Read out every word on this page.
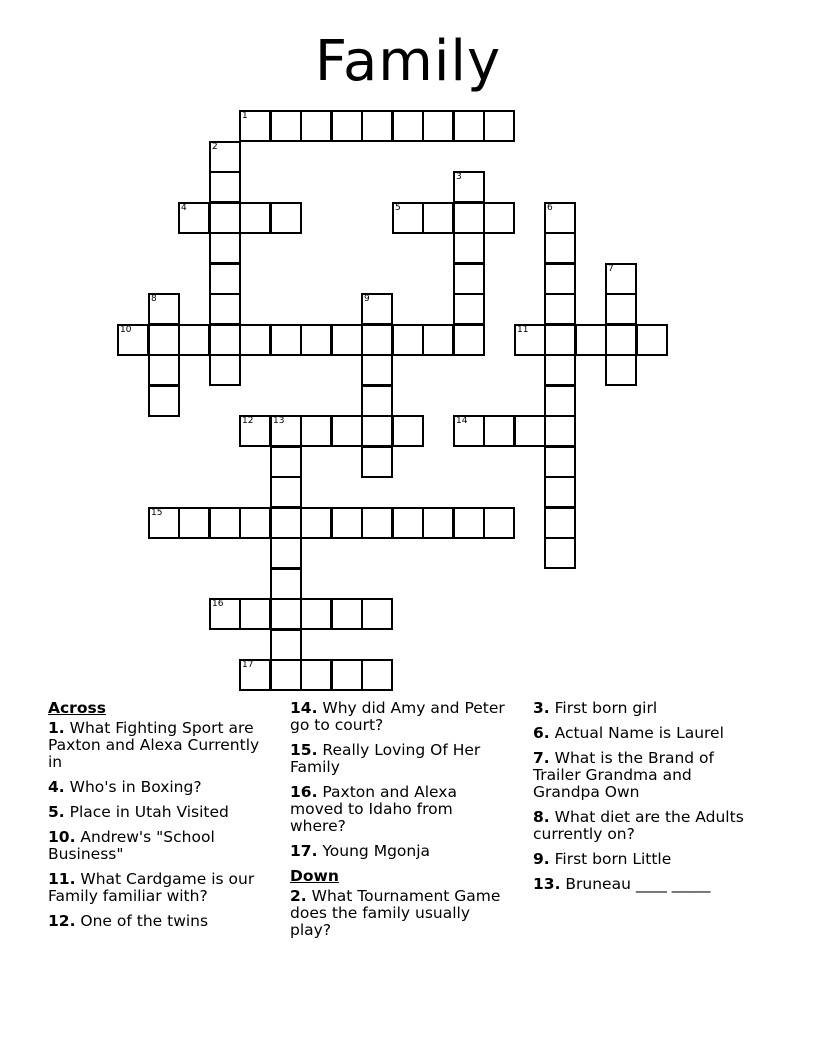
Family
1
4	5
10	11
12 13	14
15
16
17
2
3
6
7
8	9
Across
1. What Fighting Sport are Paxton and Alexa Currently in
4. Who's in Boxing?
5. Place in Utah Visited
10. Andrew's "School Business"
11. What Cardgame is our Family familiar with?
12. One of the twins
14. Why did Amy and Peter go to court?
15. Really Loving Of Her Family
16. Paxton and Alexa moved to Idaho from where?
17. Young Mgonja
Down
2. What Tournament Game does the family usually play?
3. First born girl
6. Actual Name is Laurel
7. What is the Brand of Trailer Grandma and Grandpa Own
8. What diet are the Adults currently on?
9. First born Little
13. Bruneau ____ _____
